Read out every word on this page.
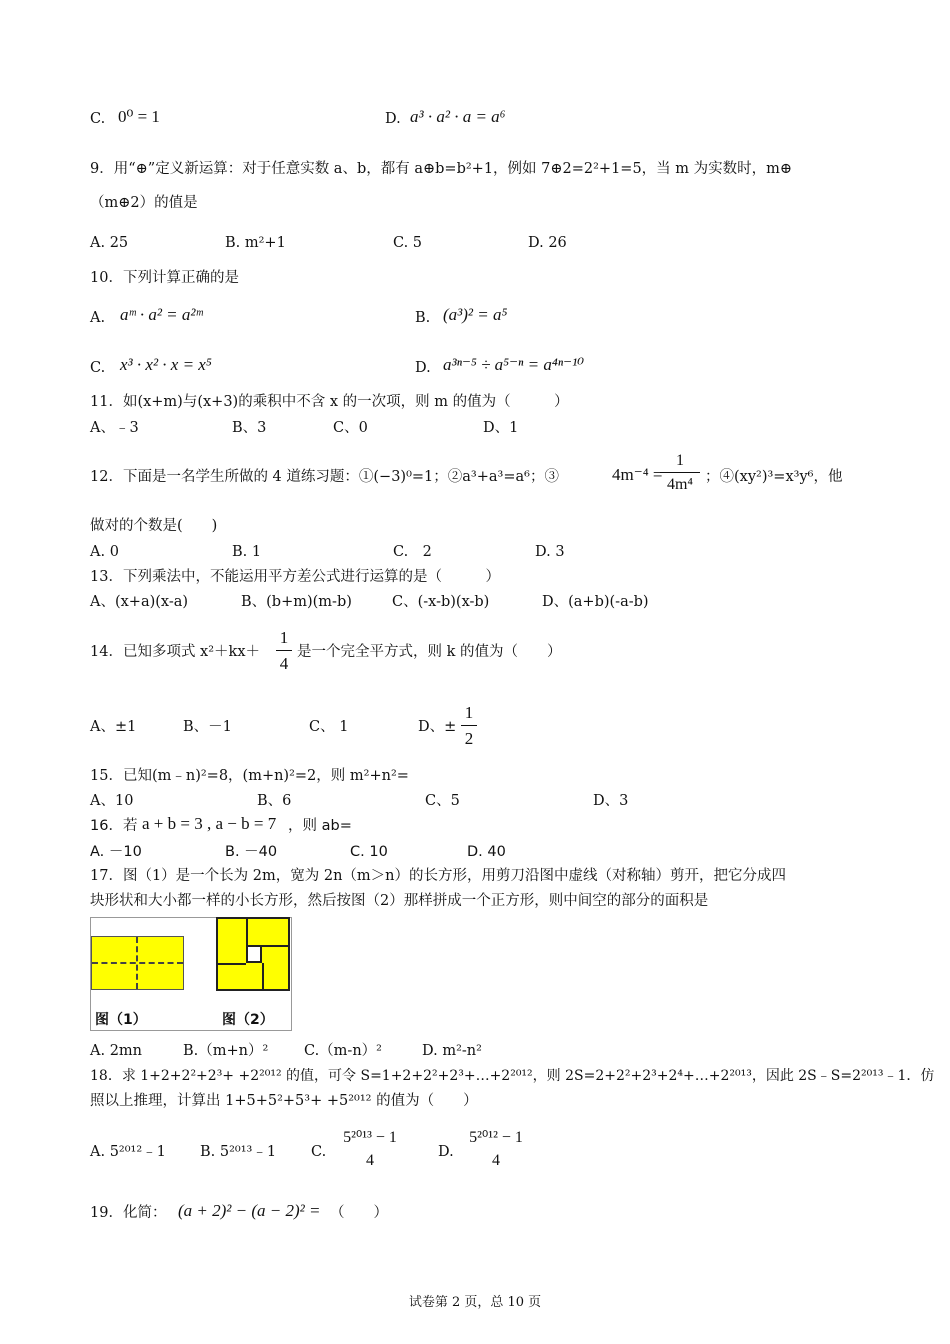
C. 0⁰ = 1	D. a³ · a² · a = a⁶
9．用“⊕”定义新运算：对于任意实数 a、b，都有 a⊕b=b²+1，例如 7⊕2=2²+1=5，当 m 为实数时，m⊕
（m⊕2）的值是
A. 25	B. m²+1	C. 5	D. 26
10．下列计算正确的是
A. aᵐ · a² = a²ᵐ	B. (a³)² = a⁵
C. x³ · x² · x = x⁵	D. a³ⁿ⁻⁵ ÷ a⁵⁻ⁿ = a⁴ⁿ⁻¹⁰
11．如(x+m)与(x+3)的乘积中不含 x 的一次项，则 m 的值为（　　　）
A、﹣3	B、3	C、0	D、1
12．下面是一名学生所做的 4 道练习题：①(−3)⁰=1；②a³+a³=a⁶；③	4m⁻⁴ =
$\frac{1}{\text{4m⁴}}$ ；④(xy²)³=x³y⁶，他
做对的个数是(　　)
A. 0	B. 1	C.　2	D. 3
13．下列乘法中，不能运用平方差公式进行运算的是（　　　）
A、(x+a)(x-a)	B、(b+m)(m-b)	C、(-x-b)(x-b)	D、(a+b)(-a-b)
14．已知多项式 $x^2+kx+ \frac{1}{4}$ 是一个完全平方式，则 k 的值为（　　）
A、±1	B、－1	C、 1	D、± $\frac{1}{2}$
15．已知(m﹣n)²=8，(m+n)²=2，则 m²+n²=
A、10	B、6	C、5	D、3
16．若 a + b = 3 , a − b = 7 ，则 ab=
A. －10	B. －40	C. 10	D. 40
17．图（1）是一个长为 2m，宽为 2n（m＞n）的长方形，用剪刀沿图中虚线（对称轴）剪开，把它分成四
块形状和大小都一样的小长方形，然后按图（2）那样拼成一个正方形，则中间空的部分的面积是
图（1）	图（2）
A. 2mn	B.（m+n）² C.（m-n）²	D. m²-n²
18．求 1+2+2²+2³+ +2²⁰¹² 的值，可令 S=1+2+2²+2³+…+2²⁰¹²，则 2S=2+2²+2³+2⁴+…+2²⁰¹³，因此 2S﹣S=2²⁰¹³﹣1．仿
照以上推理，计算出 1+5+5²+5³+ +5²⁰¹² 的值为（　　）
A. 5²⁰¹²﹣1 B. 5²⁰¹³﹣1 C.
5²⁰¹³ − 1
4	D.
5²⁰¹² − 1
4
19．化简： (a + 2)² − (a − 2)² = （　　）
试卷第 2 页，总 10 页
